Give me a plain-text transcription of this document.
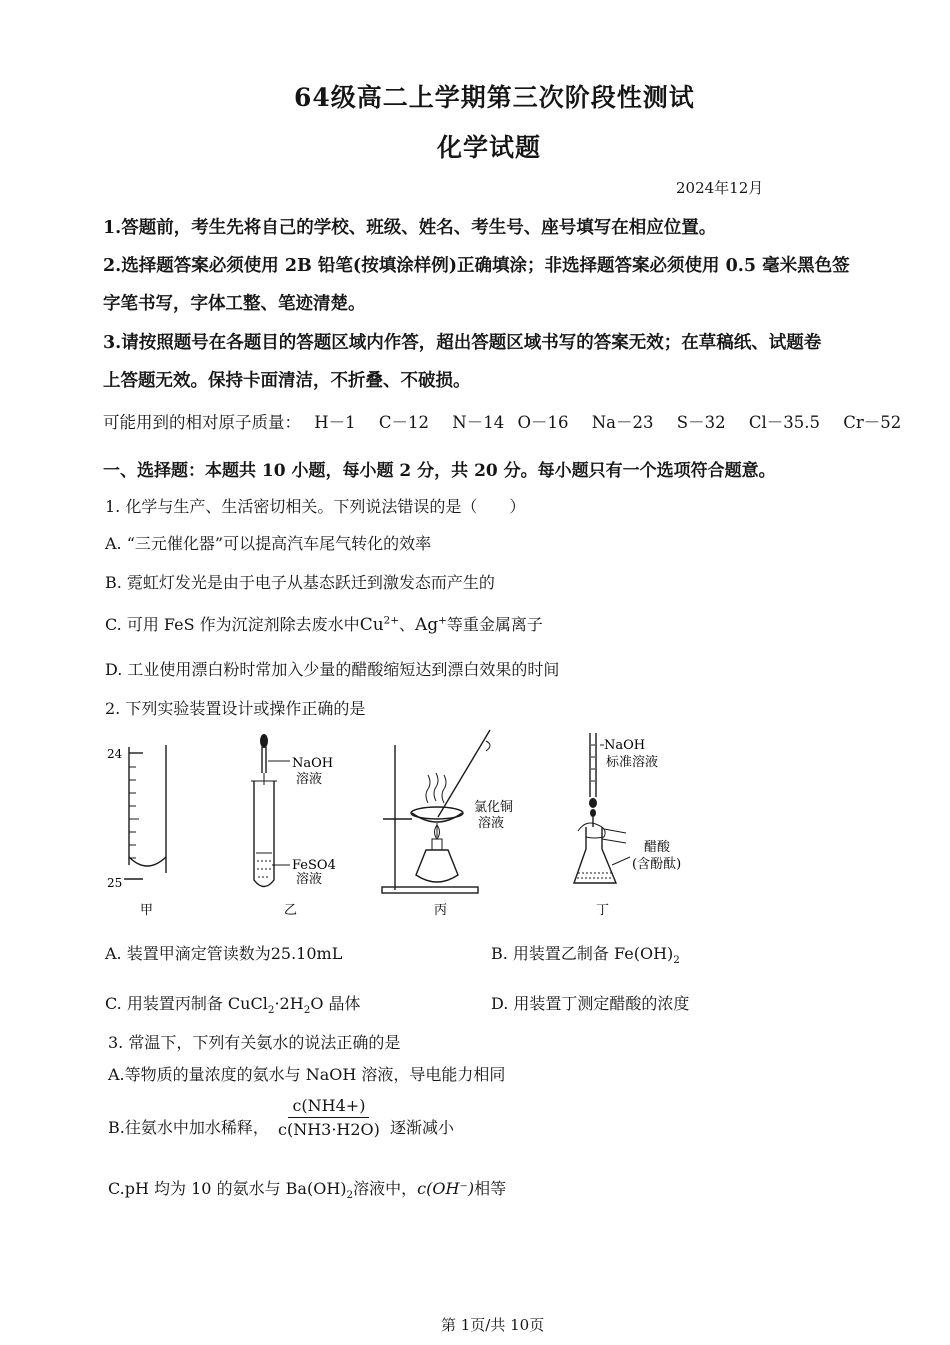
64级高二上学期第三次阶段性测试
化学试题
2024年12月
1.答题前，考生先将自己的学校、班级、姓名、考生号、座号填写在相应位置。
2.选择题答案必须使用 2B 铅笔(按填涂样例)正确填涂；非选择题答案必须使用 0.5 毫米黑色签
字笔书写，字体工整、笔迹清楚。
3.请按照题号在各题目的答题区域内作答，超出答题区域书写的答案无效；在草稿纸、试题卷
上答题无效。保持卡面清洁，不折叠、不破损。
可能用到的相对原子质量： H－1 C－12 N－14 O－16 Na－23 S－32 Cl－35.5 Cr－52
一、选择题：本题共 10 小题，每小题 2 分，共 20 分。每小题只有一个选项符合题意。
1. 化学与生产、生活密切相关。下列说法错误的是（　　）
A. “三元催化器”可以提高汽车尾气转化的效率
B. 霓虹灯发光是由于电子从基态跃迁到激发态而产生的
C. 可用 FeS 作为沉淀剂除去废水中$Cu^{2+}$、Ag+等重金属离子
D. 工业使用漂白粉时常加入少量的醋酸缩短达到漂白效果的时间
2. 下列实验装置设计或操作正确的是
24
25
NaOH
溶液
FeSO4
溶液
氯化铜
溶液
NaOH
标准溶液
醋酸
(含酚酞)
甲	乙	丙	丁
A. 装置甲滴定管读数为25.10mL	B. 用装置乙制备 $Fe(OH)_2$
C. 用装置丙制备 $CuCl_2\cdot 2H_2O$ 晶体	D. 用装置丁测定醋酸的浓度
3. 常温下，下列有关氨水的说法正确的是
A.等物质的量浓度的氨水与 NaOH 溶液，导电能力相同
B.往氨水中加水稀释， $\frac{c(NH4+)}{c(NH3\cdot H2O)}$ 逐渐减小
C.pH 均为 10 的氨水与 $Ba(OH)_2$溶液中，c(OH⁻)相等
第 1页/共 10页
